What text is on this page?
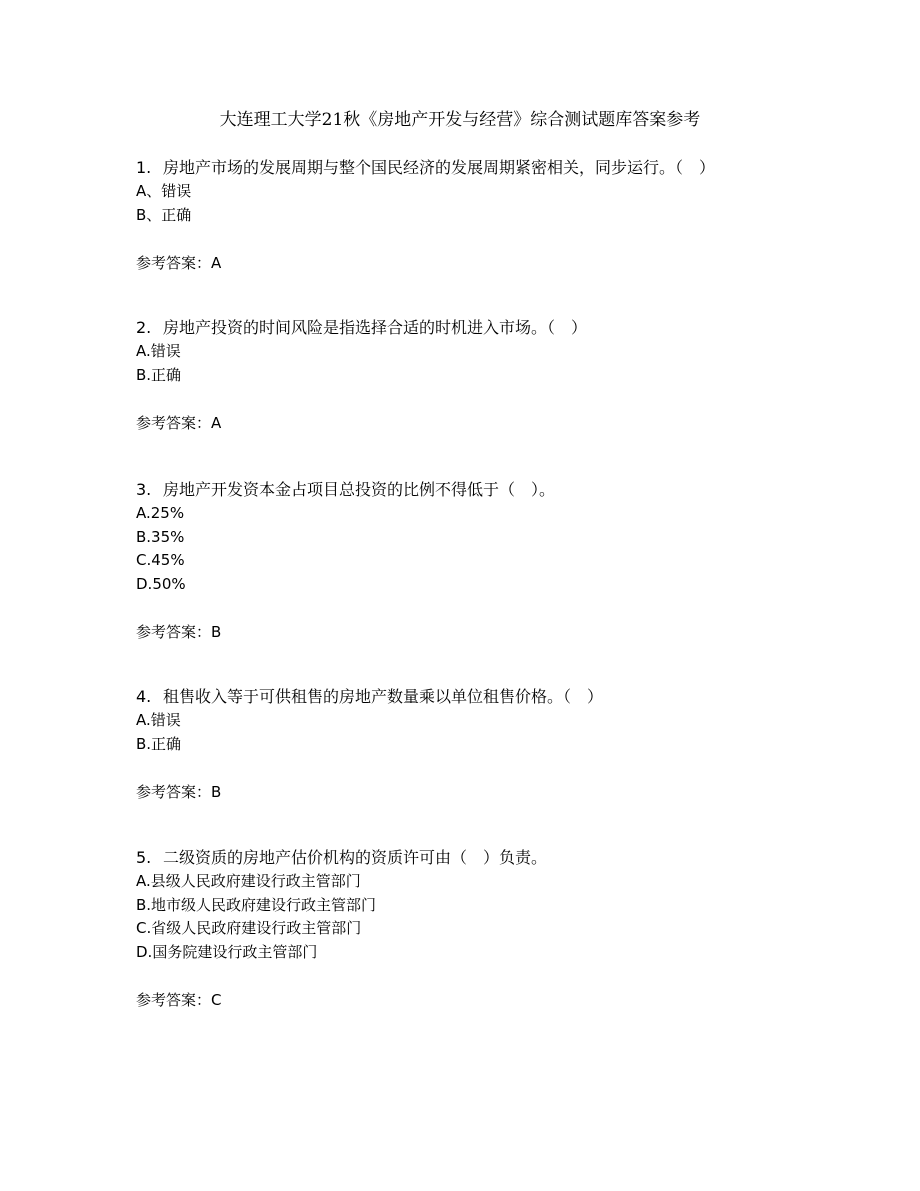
大连理工大学21秋《房地产开发与经营》综合测试题库答案参考
1. 房地产市场的发展周期与整个国民经济的发展周期紧密相关，同步运行。（　）
A、错误
B、正确
参考答案：A
2. 房地产投资的时间风险是指选择合适的时机进入市场。（　）
A.错误
B.正确
参考答案：A
3. 房地产开发资本金占项目总投资的比例不得低于（　）。
A.25%
B.35%
C.45%
D.50%
参考答案：B
4. 租售收入等于可供租售的房地产数量乘以单位租售价格。（　）
A.错误
B.正确
参考答案：B
5. 二级资质的房地产估价机构的资质许可由（　）负责。
A.县级人民政府建设行政主管部门
B.地市级人民政府建设行政主管部门
C.省级人民政府建设行政主管部门
D.国务院建设行政主管部门
参考答案：C
